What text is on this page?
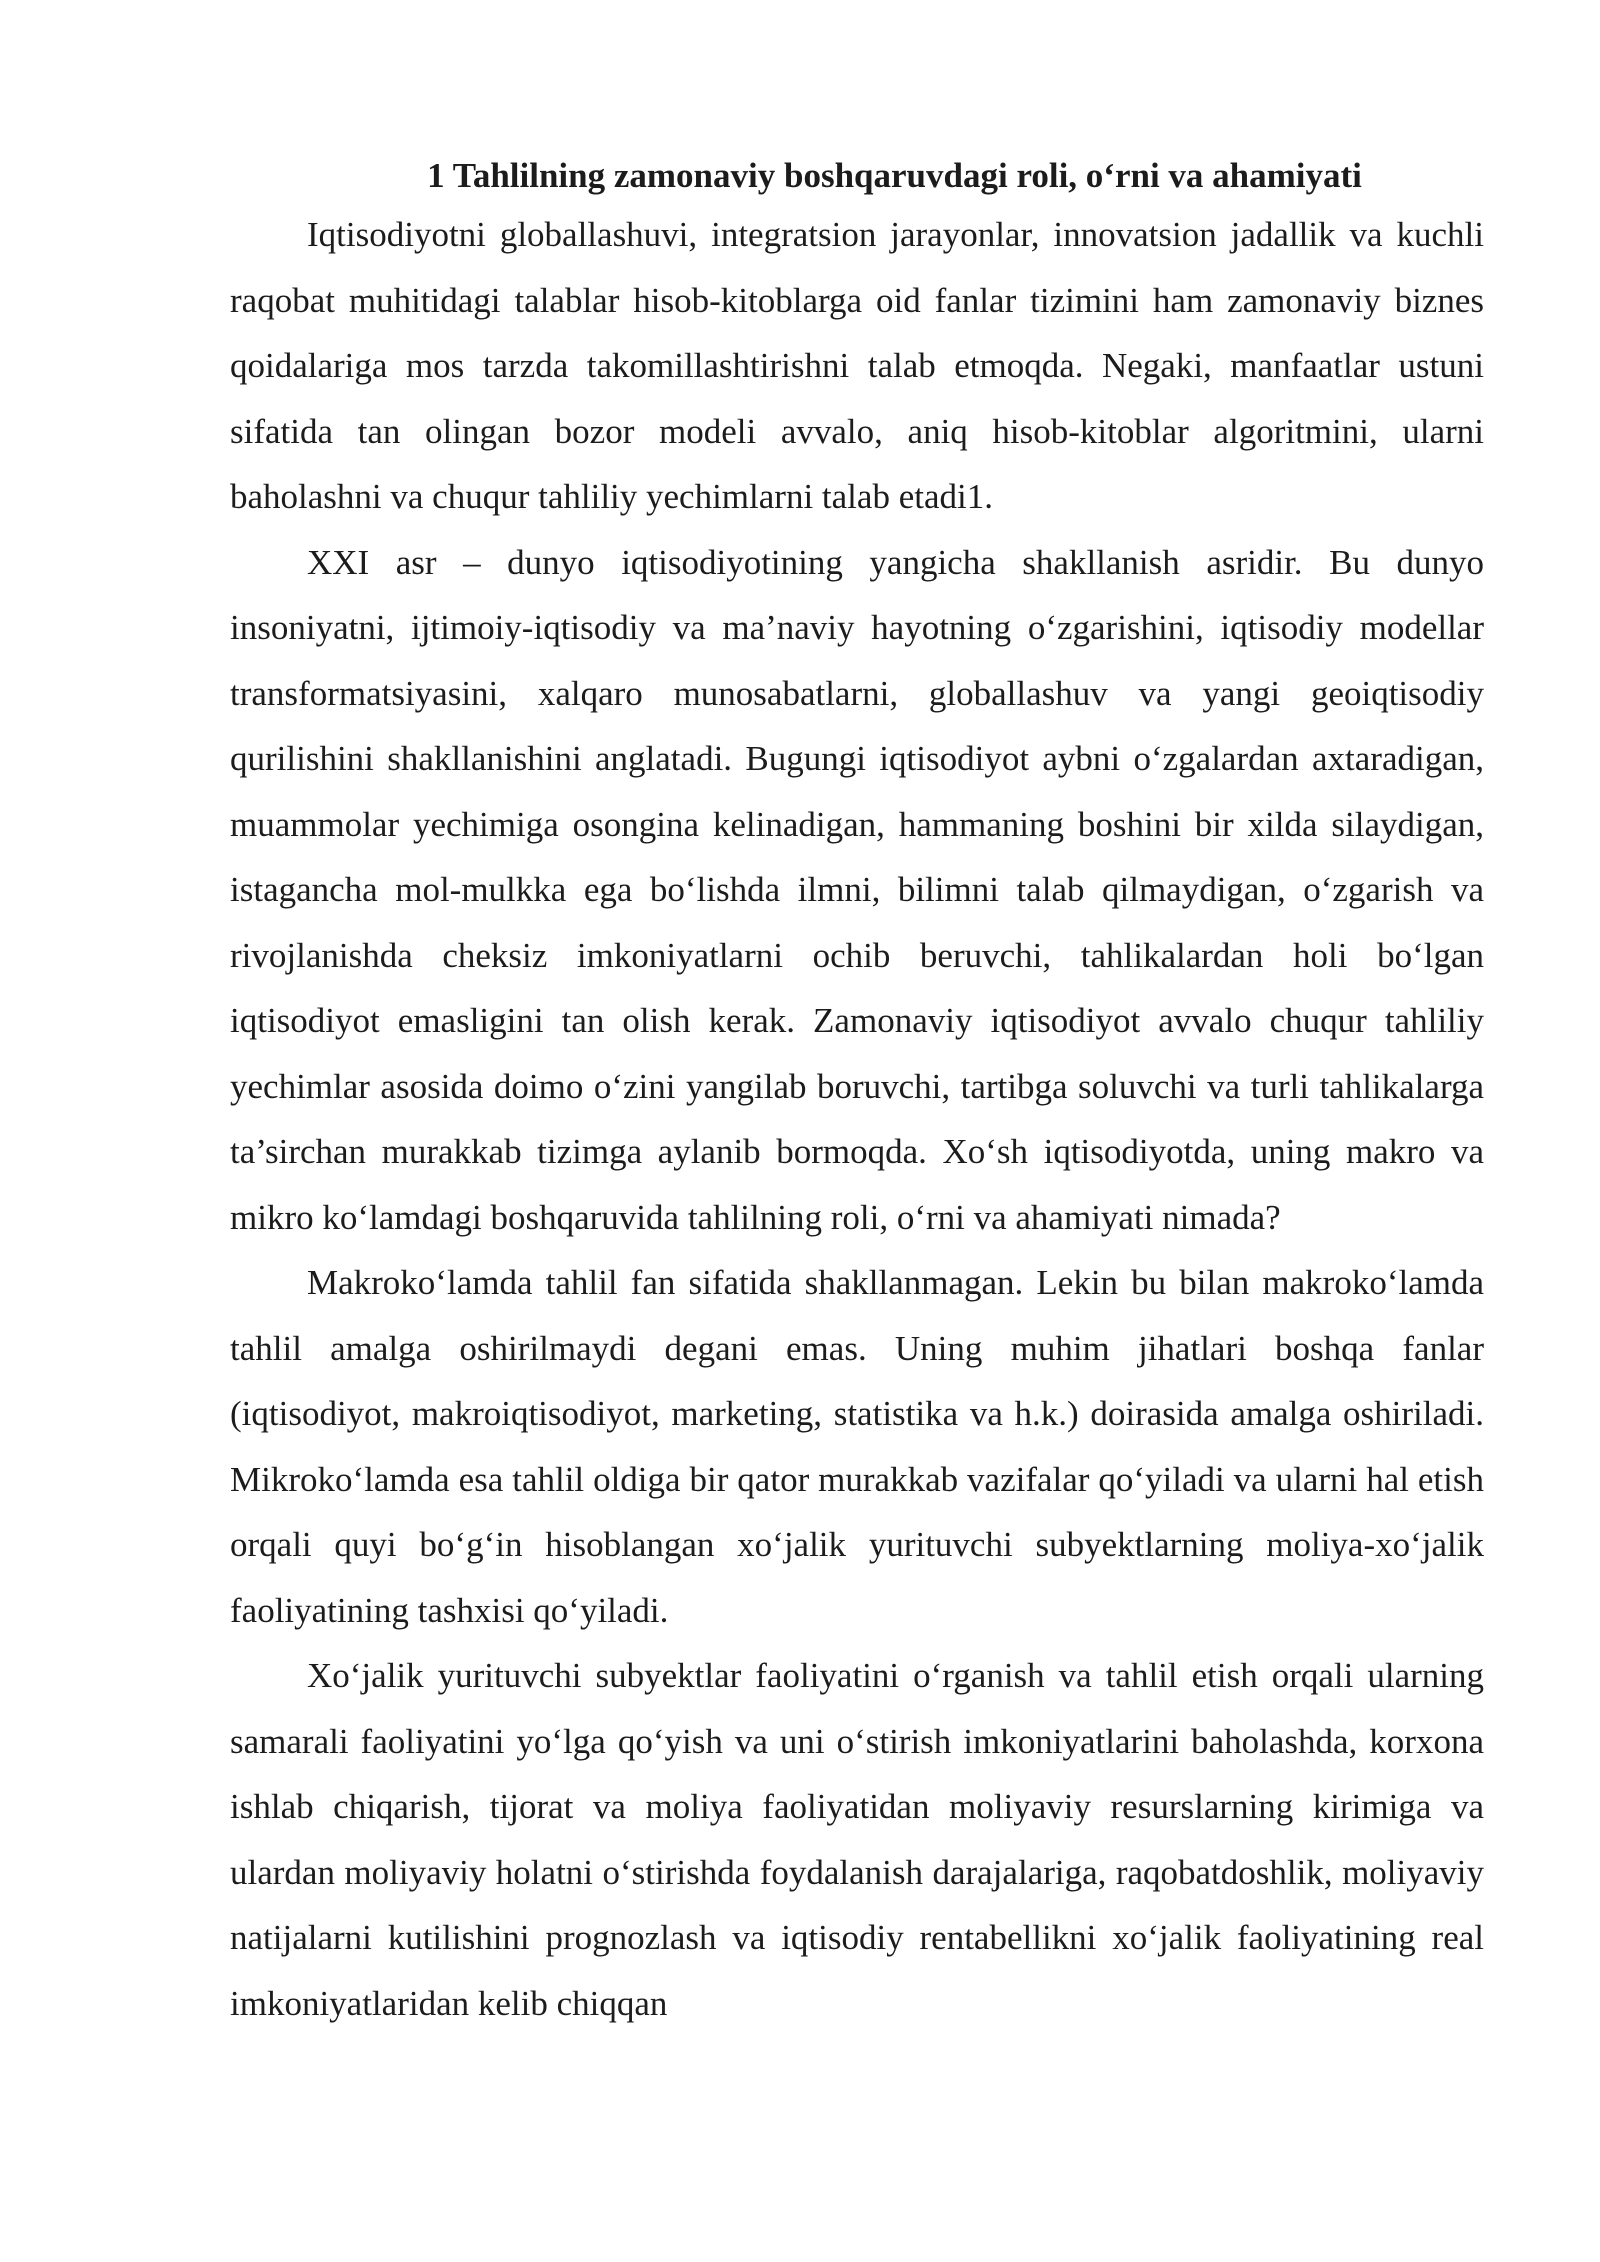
1 Tahlilning zamonaviy boshqaruvdagi roli, o‘rni va ahamiyati

Iqtisodiyotni globallashuvi, integratsion jarayonlar, innovatsion jadallik va kuchli raqobat muhitidagi talablar hisob-kitoblarga oid fanlar tizimini ham zamonaviy biznes qoidalariga mos tarzda takomillashtirishni talab etmoqda. Negaki, manfaatlar ustuni sifatida tan olingan bozor modeli avvalo, aniq hisob-kitoblar algoritmini, ularni baholashni va chuqur tahliliy yechimlarni talab etadi1.

XXI asr – dunyo iqtisodiyotining yangicha shakllanish asridir. Bu dunyo insoniyatni, ijtimoiy-iqtisodiy va ma’naviy hayotning o‘zgarishini, iqtisodiy modellar transformatsiyasini, xalqaro munosabatlarni, globallashuv va yangi geoiqtisodiy qurilishini shakllanishini anglatadi. Bugungi iqtisodiyot aybni o‘zgalardan axtaradigan, muammolar yechimiga osongina kelinadigan, hammaning boshini bir xilda silaydigan, istagancha mol-mulkka ega bo‘lishda ilmni, bilimni talab qilmaydigan, o‘zgarish va rivojlanishda cheksiz imkoniyatlarni ochib beruvchi, tahlikalardan holi bo‘lgan iqtisodiyot emasligini tan olish kerak. Zamonaviy iqtisodiyot avvalo chuqur tahliliy yechimlar asosida doimo o‘zini yangilab boruvchi, tartibga soluvchi va turli tahlikalarga ta’sirchan murakkab tizimga aylanib bormoqda. Xo‘sh iqtisodiyotda, uning makro va mikro ko‘lamdagi boshqaruvida tahlilning roli, o‘rni va ahamiyati nimada?

Makroko‘lamda tahlil fan sifatida shakllanmagan. Lekin bu bilan makroko‘lamda tahlil amalga oshirilmaydi degani emas. Uning muhim jihatlari boshqa fanlar (iqtisodiyot, makroiqtisodiyot, marketing, statistika va h.k.) doirasida amalga oshiriladi. Mikroko‘lamda esa tahlil oldiga bir qator murakkab vazifalar qo‘yiladi va ularni hal etish orqali quyi bo‘g‘in hisoblangan xo‘jalik yurituvchi subyektlarning moliya-xo‘jalik faoliyatining tashxisi qo‘yiladi.

Xo‘jalik yurituvchi subyektlar faoliyatini o‘rganish va tahlil etish orqali ularning samarali faoliyatini yo‘lga qo‘yish va uni o‘stirish imkoniyatlarini baholashda, korxona ishlab chiqarish, tijorat va moliya faoliyatidan moliyaviy resurslarning kirimiga va ulardan moliyaviy holatni o‘stirishda foydalanish darajalariga, raqobatdoshlik, moliyaviy natijalarni kutilishini prognozlash va iqtisodiy rentabellikni xo‘jalik faoliyatining real imkoniyatlaridan kelib chiqqan
